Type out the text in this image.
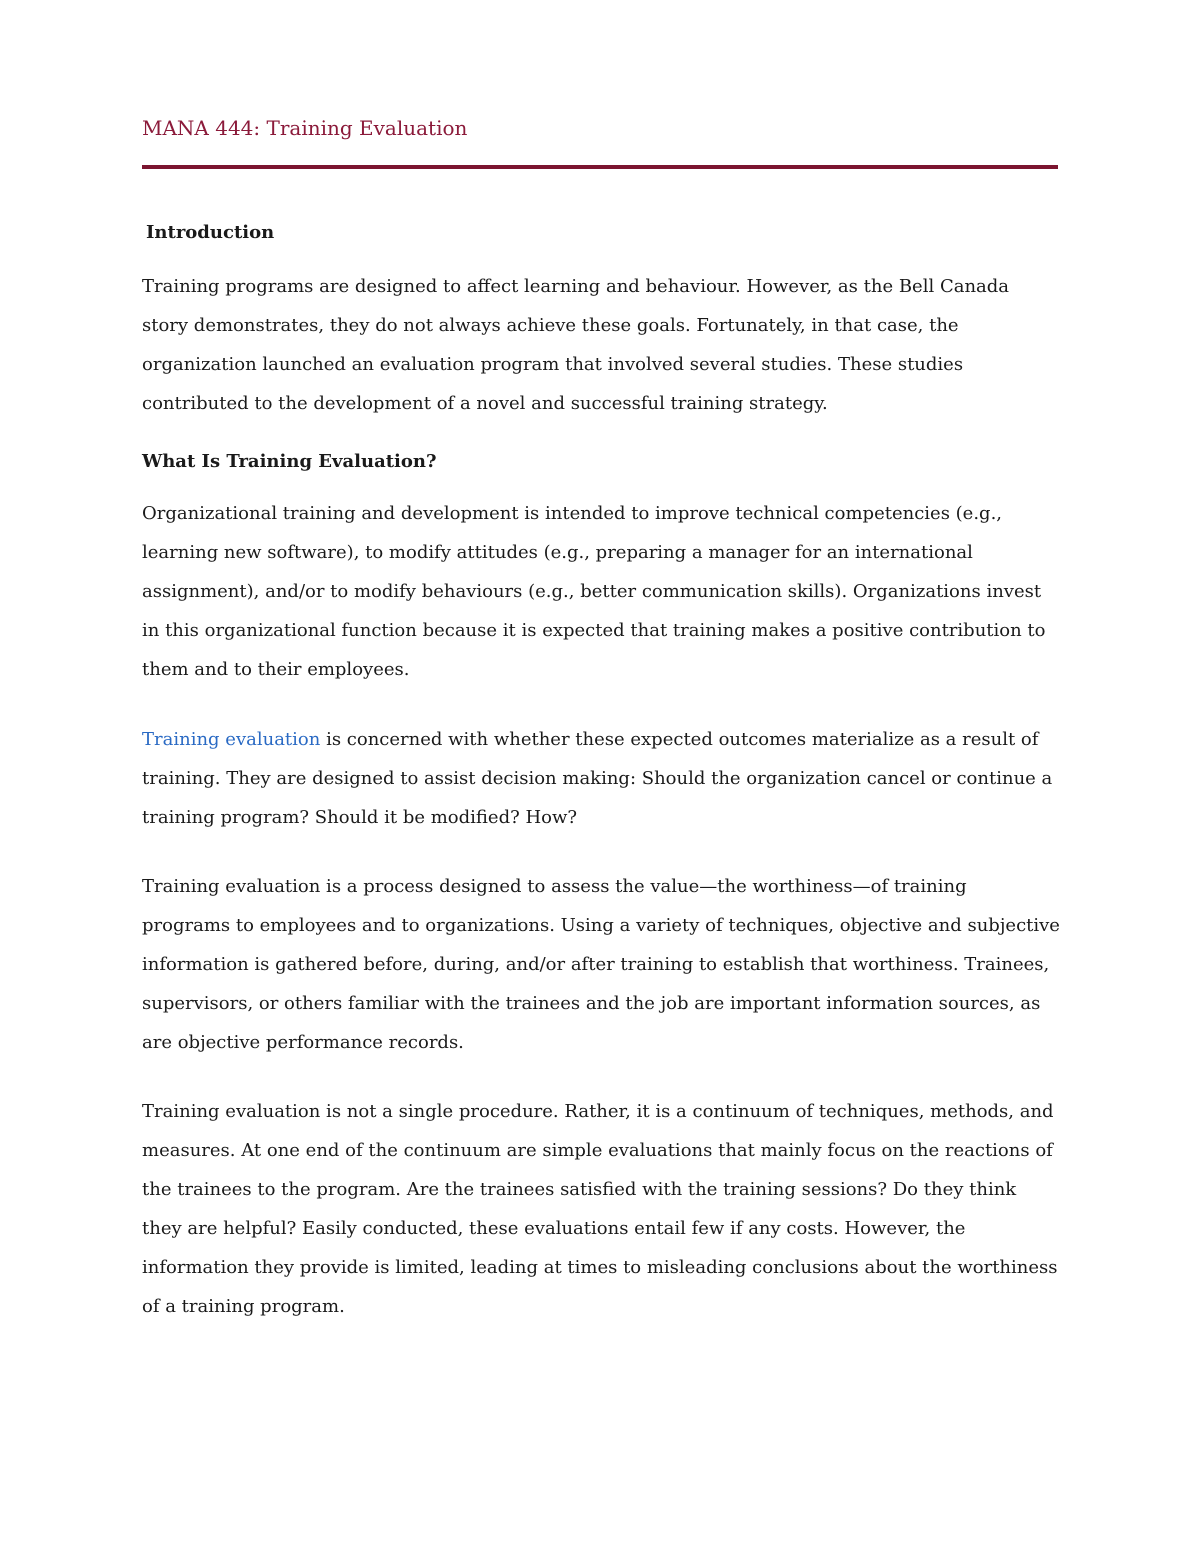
MANA 444: Training Evaluation
Introduction

Training programs are designed to affect learning and behaviour. However, as the Bell Canada story demonstrates, they do not always achieve these goals. Fortunately, in that case, the organization launched an evaluation program that involved several studies. These studies contributed to the development of a novel and successful training strategy.

What Is Training Evaluation?

Organizational training and development is intended to improve technical competencies (e.g., learning new software), to modify attitudes (e.g., preparing a manager for an international assignment), and/or to modify behaviours (e.g., better communication skills). Organizations invest in this organizational function because it is expected that training makes a positive contribution to them and to their employees.

Training evaluation is concerned with whether these expected outcomes materialize as a result of training. They are designed to assist decision making: Should the organization cancel or continue a training program? Should it be modified? How?

Training evaluation is a process designed to assess the value—the worthiness—of training programs to employees and to organizations. Using a variety of techniques, objective and subjective information is gathered before, during, and/or after training to establish that worthiness. Trainees, supervisors, or others familiar with the trainees and the job are important information sources, as are objective performance records.

Training evaluation is not a single procedure. Rather, it is a continuum of techniques, methods, and measures. At one end of the continuum are simple evaluations that mainly focus on the reactions of the trainees to the program. Are the trainees satisfied with the training sessions? Do they think they are helpful? Easily conducted, these evaluations entail few if any costs. However, the information they provide is limited, leading at times to misleading conclusions about the worthiness of a training program.
